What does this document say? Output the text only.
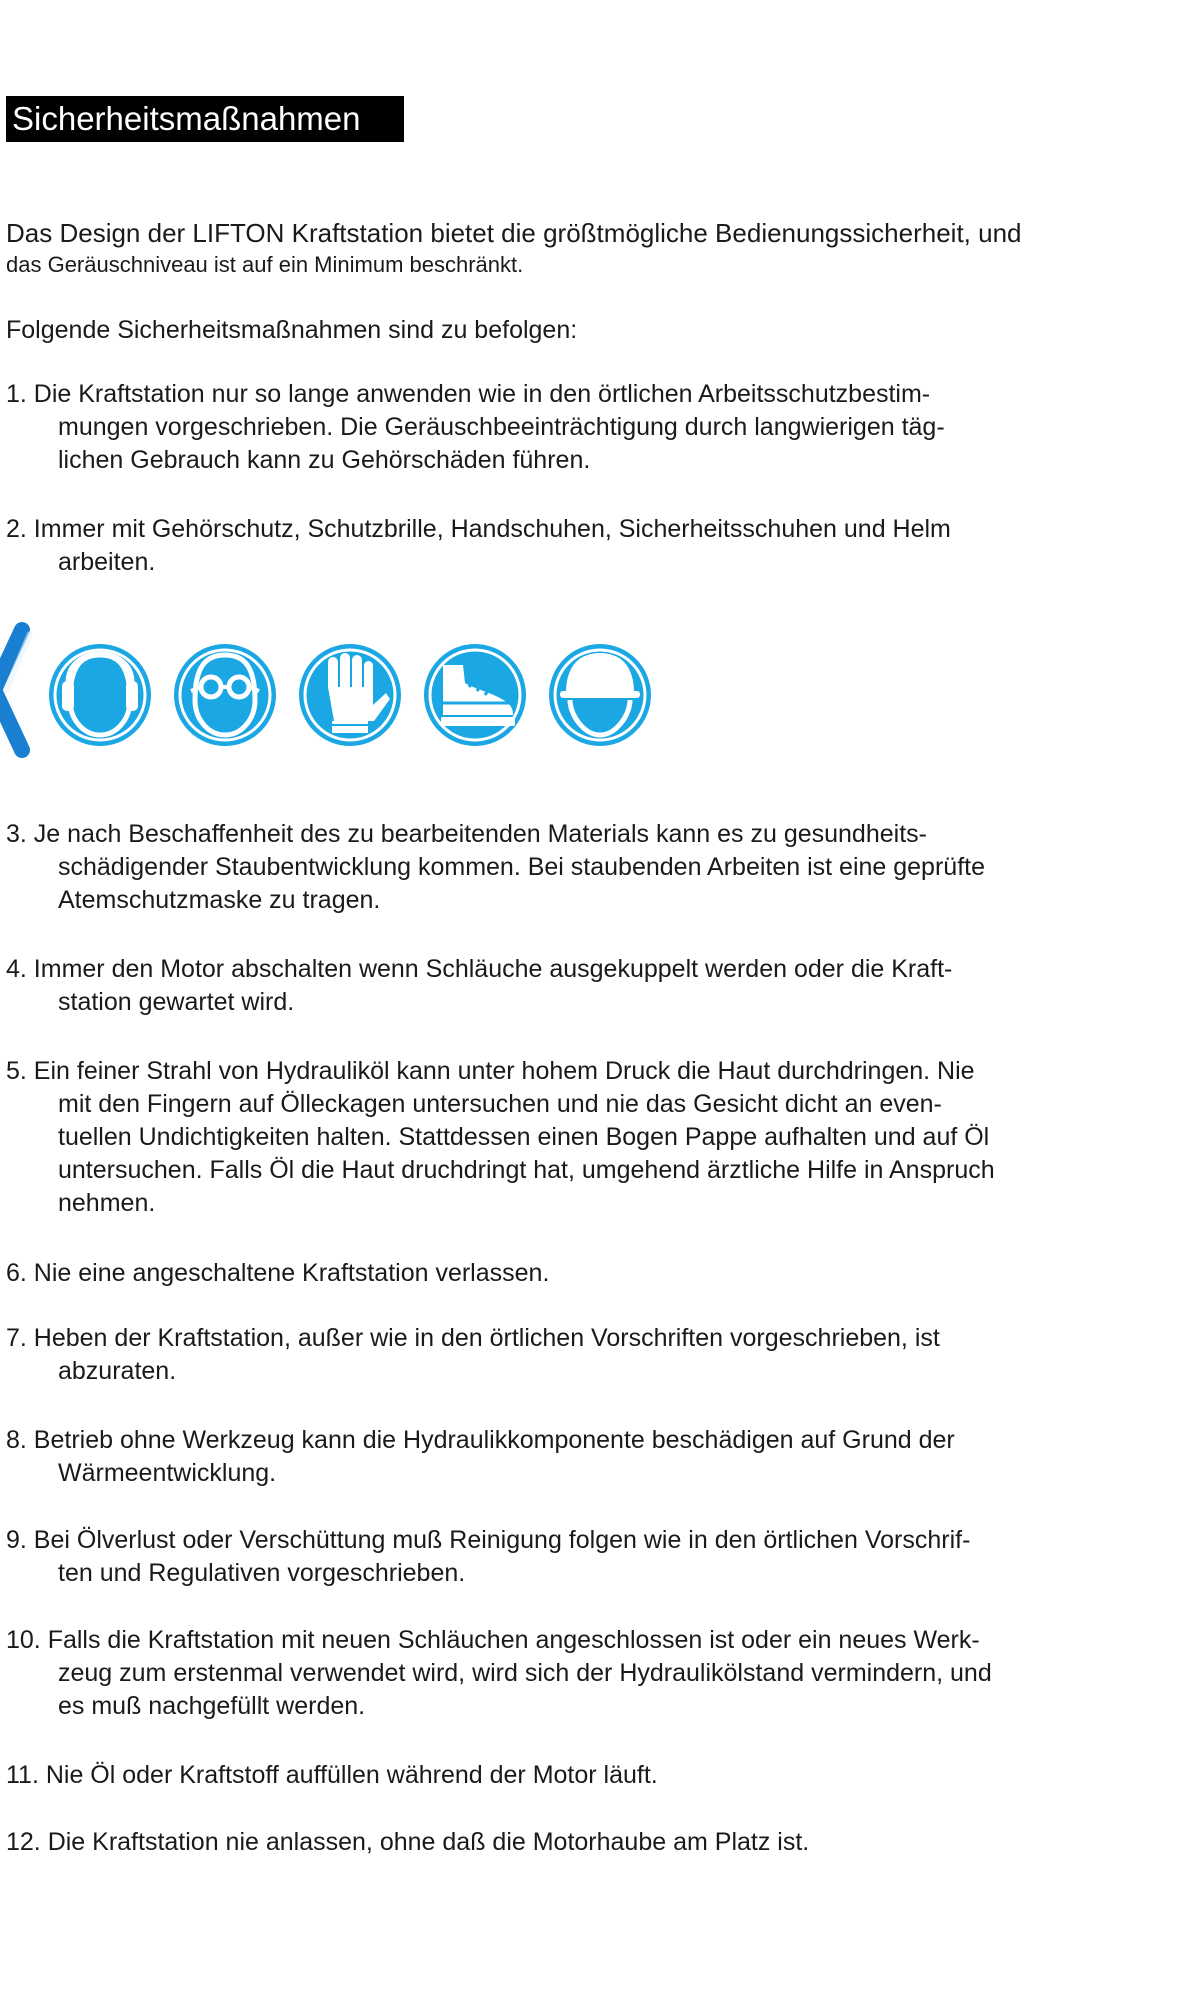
Sicherheitsmaßnahmen

Das Design der LIFTON Kraftstation bietet die größtmögliche Bedienungssicherheit, und
das Geräuschniveau ist auf ein Minimum beschränkt.

Folgende Sicherheitsmaßnahmen sind zu befolgen:

1. Die Kraftstation nur so lange anwenden wie in den örtlichen Arbeitsschutzbestim-
mungen vorgeschrieben. Die Geräuschbeeinträchtigung durch langwierigen täg-
lichen Gebrauch kann zu Gehörschäden führen.
2. Immer mit Gehörschutz, Schutzbrille, Handschuhen, Sicherheitsschuhen und Helm
arbeiten.
3. Je nach Beschaffenheit des zu bearbeitenden Materials kann es zu gesundheits-
schädigender Staubentwicklung kommen. Bei staubenden Arbeiten ist eine geprüfte
Atemschutzmaske zu tragen.
4. Immer den Motor abschalten wenn Schläuche ausgekuppelt werden oder die Kraft-
station gewartet wird.
5. Ein feiner Strahl von Hydrauliköl kann unter hohem Druck die Haut durchdringen. Nie
mit den Fingern auf Ölleckagen untersuchen und nie das Gesicht dicht an even-
tuellen Undichtigkeiten halten. Stattdessen einen Bogen Pappe aufhalten und auf Öl
untersuchen. Falls Öl die Haut druchdringt hat, umgehend ärztliche Hilfe in Anspruch
nehmen.
6. Nie eine angeschaltene Kraftstation verlassen.
7. Heben der Kraftstation, außer wie in den örtlichen Vorschriften vorgeschrieben, ist
abzuraten.
8. Betrieb ohne Werkzeug kann die Hydraulikkomponente beschädigen auf Grund der
Wärmeentwicklung.
9. Bei Ölverlust oder Verschüttung muß Reinigung folgen wie in den örtlichen Vorschrif-
ten und Regulativen vorgeschrieben.
10. Falls die Kraftstation mit neuen Schläuchen angeschlossen ist oder ein neues Werk-
zeug zum erstenmal verwendet wird, wird sich der Hydraulikölstand vermindern, und
es muß nachgefüllt werden.
11. Nie Öl oder Kraftstoff auffüllen während der Motor läuft.
12. Die Kraftstation nie anlassen, ohne daß die Motorhaube am Platz ist.
